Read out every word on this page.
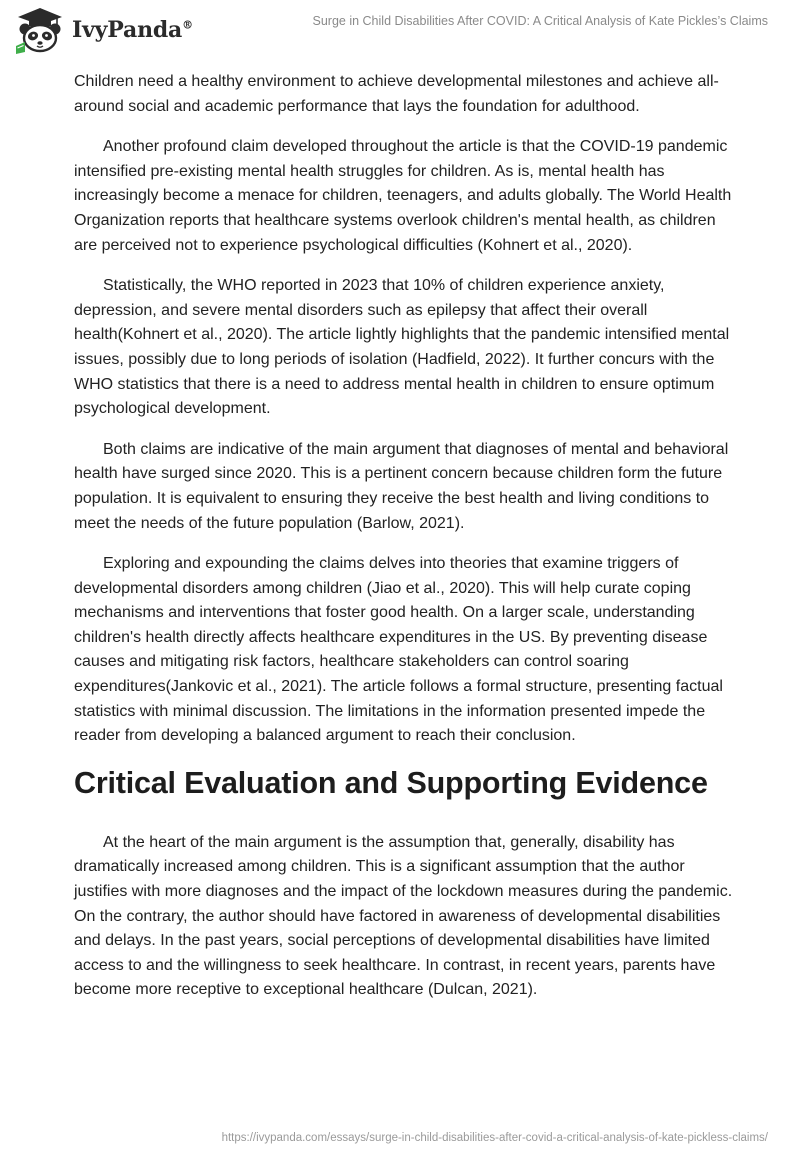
IvyPanda®	Surge in Child Disabilities After COVID: A Critical Analysis of Kate Pickles’s Claims

Children need a healthy environment to achieve developmental milestones and achieve all-around social and academic performance that lays the foundation for adulthood.

Another profound claim developed throughout the article is that the COVID-19 pandemic intensified pre-existing mental health struggles for children. As is, mental health has increasingly become a menace for children, teenagers, and adults globally. The World Health Organization reports that healthcare systems overlook children's mental health, as children are perceived not to experience psychological difficulties (Kohnert et al., 2020).

Statistically, the WHO reported in 2023 that 10% of children experience anxiety, depression, and severe mental disorders such as epilepsy that affect their overall health(Kohnert et al., 2020). The article lightly highlights that the pandemic intensified mental issues, possibly due to long periods of isolation (Hadfield, 2022). It further concurs with the WHO statistics that there is a need to address mental health in children to ensure optimum psychological development.

Both claims are indicative of the main argument that diagnoses of mental and behavioral health have surged since 2020. This is a pertinent concern because children form the future population. It is equivalent to ensuring they receive the best health and living conditions to meet the needs of the future population (Barlow, 2021).

Exploring and expounding the claims delves into theories that examine triggers of developmental disorders among children (Jiao et al., 2020). This will help curate coping mechanisms and interventions that foster good health. On a larger scale, understanding children's health directly affects healthcare expenditures in the US. By preventing disease causes and mitigating risk factors, healthcare stakeholders can control soaring expenditures(Jankovic et al., 2021). The article follows a formal structure, presenting factual statistics with minimal discussion. The limitations in the information presented impede the reader from developing a balanced argument to reach their conclusion.

Critical Evaluation and Supporting Evidence

At the heart of the main argument is the assumption that, generally, disability has dramatically increased among children. This is a significant assumption that the author justifies with more diagnoses and the impact of the lockdown measures during the pandemic. On the contrary, the author should have factored in awareness of developmental disabilities and delays. In the past years, social perceptions of developmental disabilities have limited access to and the willingness to seek healthcare. In contrast, in recent years, parents have become more receptive to exceptional healthcare (Dulcan, 2021).

https://ivypanda.com/essays/surge-in-child-disabilities-after-covid-a-critical-analysis-of-kate-pickless-claims/
